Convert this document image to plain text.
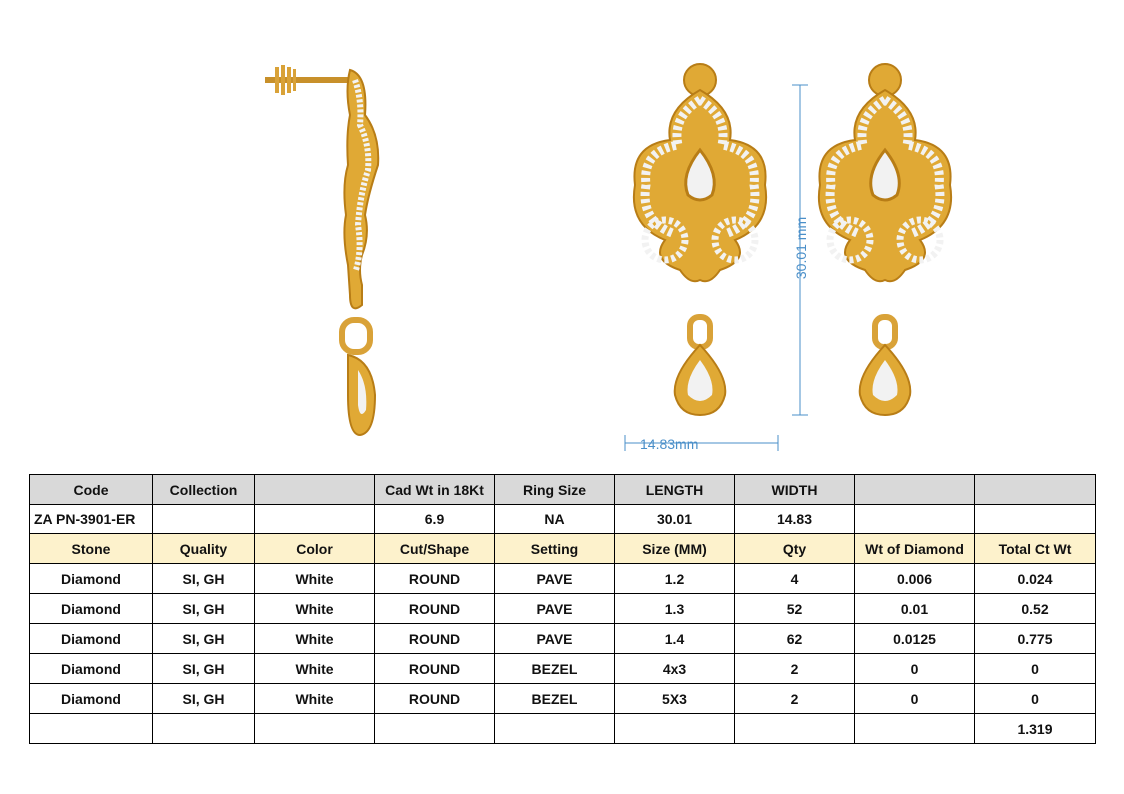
14.83mm
30.01 mm
Code	Collection		Cad Wt in 18Kt	Ring Size	LENGTH	WIDTH		
ZA PN-3901-ER			6.9	NA	30.01	14.83		
Stone	Quality	Color	Cut/Shape	Setting	Size (MM)	Qty	Wt of Diamond	Total Ct Wt
Diamond	SI, GH	White	ROUND	PAVE	1.2	4	0.006	0.024
Diamond	SI, GH	White	ROUND	PAVE	1.3	52	0.01	0.52
Diamond	SI, GH	White	ROUND	PAVE	1.4	62	0.0125	0.775
Diamond	SI, GH	White	ROUND	BEZEL	4x3	2	0	0
Diamond	SI, GH	White	ROUND	BEZEL	5X3	2	0	0
								1.319
